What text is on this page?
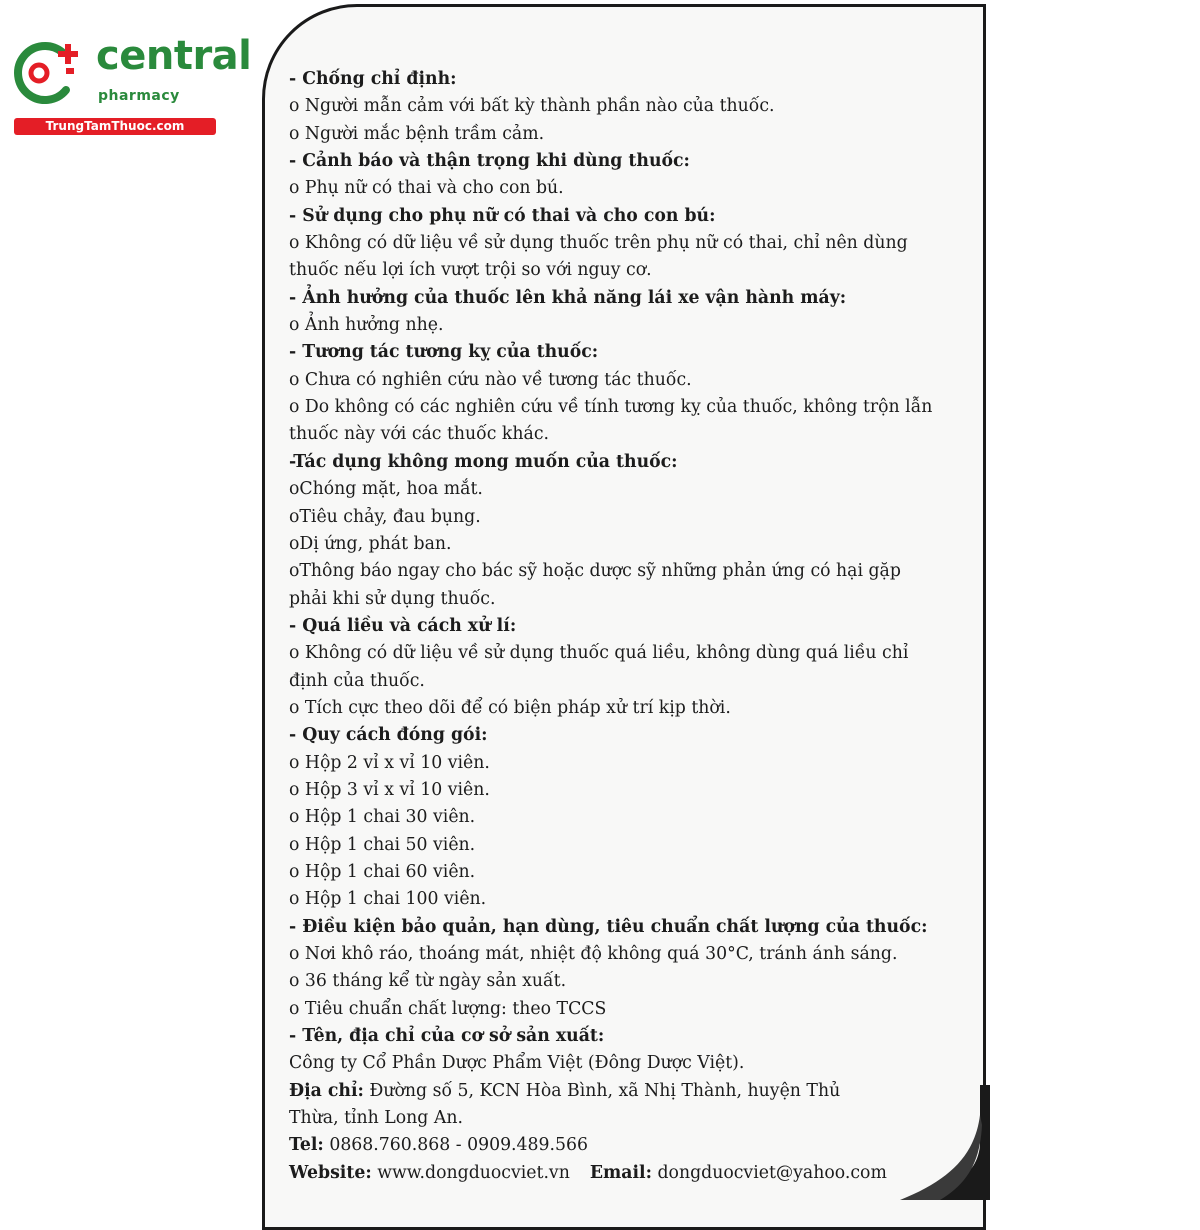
central
pharmacy
TrungTamThuoc.com
- Chống chỉ định:
o Người mẫn cảm với bất kỳ thành phần nào của thuốc.
o Người mắc bệnh trầm cảm.
- Cảnh báo và thận trọng khi dùng thuốc:
o Phụ nữ có thai và cho con bú.
- Sử dụng cho phụ nữ có thai và cho con bú:
o Không có dữ liệu về sử dụng thuốc trên phụ nữ có thai, chỉ nên dùng
thuốc nếu lợi ích vượt trội so với nguy cơ.
- Ảnh hưởng của thuốc lên khả năng lái xe vận hành máy:
o Ảnh hưởng nhẹ.
- Tương tác tương kỵ của thuốc:
o Chưa có nghiên cứu nào về tương tác thuốc.
o Do không có các nghiên cứu về tính tương kỵ của thuốc, không trộn lẫn
thuốc này với các thuốc khác.
-Tác dụng không mong muốn của thuốc:
oChóng mặt, hoa mắt.
oTiêu chảy, đau bụng.
oDị ứng, phát ban.
oThông báo ngay cho bác sỹ hoặc dược sỹ những phản ứng có hại gặp
phải khi sử dụng thuốc.
- Quá liều và cách xử lí:
o Không có dữ liệu về sử dụng thuốc quá liều, không dùng quá liều chỉ
định của thuốc.
o Tích cực theo dõi để có biện pháp xử trí kịp thời.
- Quy cách đóng gói:
o Hộp 2 vỉ x vỉ 10 viên.
o Hộp 3 vỉ x vỉ 10 viên.
o Hộp 1 chai 30 viên.
o Hộp 1 chai 50 viên.
o Hộp 1 chai 60 viên.
o Hộp 1 chai 100 viên.
- Điều kiện bảo quản, hạn dùng, tiêu chuẩn chất lượng của thuốc:
o Nơi khô ráo, thoáng mát, nhiệt độ không quá 30°C, tránh ánh sáng.
o 36 tháng kể từ ngày sản xuất.
o Tiêu chuẩn chất lượng: theo TCCS
- Tên, địa chỉ của cơ sở sản xuất:
Công ty Cổ Phần Dược Phẩm Việt (Đông Dược Việt).
Địa chỉ: Đường số 5, KCN Hòa Bình, xã Nhị Thành, huyện Thủ
Thừa, tỉnh Long An.
Tel: 0868.760.868 - 0909.489.566
Website: www.dongduocviet.vn Email: dongduocviet@yahoo.com
